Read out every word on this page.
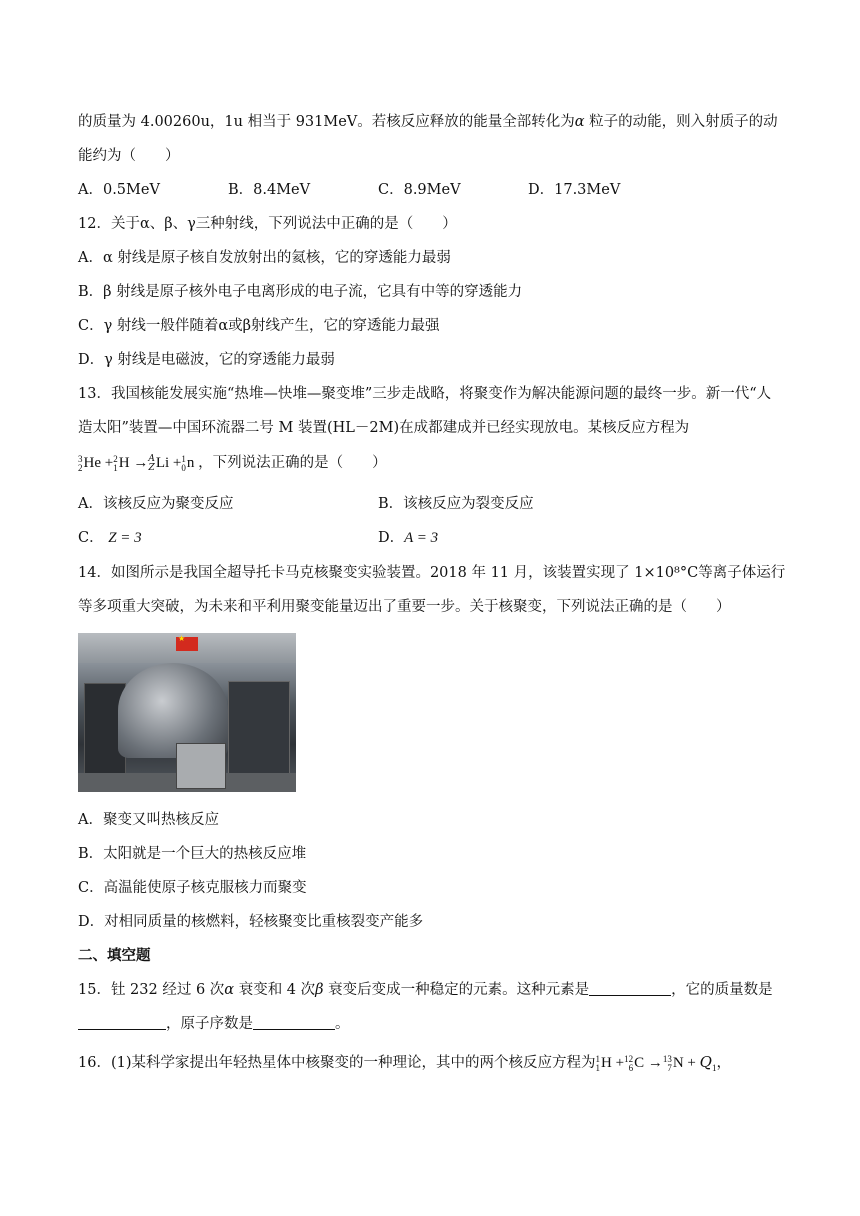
的质量为 4.00260u，1u 相当于 931MeV。若核反应释放的能量全部转化为α 粒子的动能，则入射质子的动
能约为（　　）
A．0.5MeV	B．8.4MeV	C．8.9MeV	D．17.3MeV
12．关于α、β、γ三种射线，下列说法中正确的是（　　）
A．α 射线是原子核自发放射出的氦核，它的穿透能力最弱
B．β 射线是原子核外电子电离形成的电子流，它具有中等的穿透能力
C．γ 射线一般伴随着α或β射线产生，它的穿透能力最强
D．γ 射线是电磁波，它的穿透能力最弱
13．我国核能发展实施“热堆—快堆—聚变堆”三步走战略，将聚变作为解决能源问题的最终一步。新一代“人
造太阳”装置—中国环流器二号 M 装置(HL－2M)在成都建成并已经实现放电。某核反应方程为
3
2 He + 2
1 H → A
Z Li + 1
0 n ，下列说法正确的是（　　）
A．该核反应为聚变反应	B．该核反应为裂变反应
C． Z = 3	D．A = 3
14．如图所示是我国全超导托卡马克核聚变实验装置。2018 年 11 月，该装置实现了 1×10⁸°C等离子体运行
等多项重大突破，为未来和平利用聚变能量迈出了重要一步。关于核聚变，下列说法正确的是（　　）
★
A．聚变又叫热核反应
B．太阳就是一个巨大的热核反应堆
C．高温能使原子核克服核力而聚变
D．对相同质量的核燃料，轻核聚变比重核裂变产能多
二、填空题
15．钍 232 经过 6 次α 衰变和 4 次β 衰变后变成一种稳定的元素。这种元素是	，它的质量数是
，原子序数是	。
16．(1)某科学家提出年轻热星体中核聚变的一种理论，其中的两个核反应方程为 1
1 H + 12
6 C → 13
7 $N + Q_1$，
